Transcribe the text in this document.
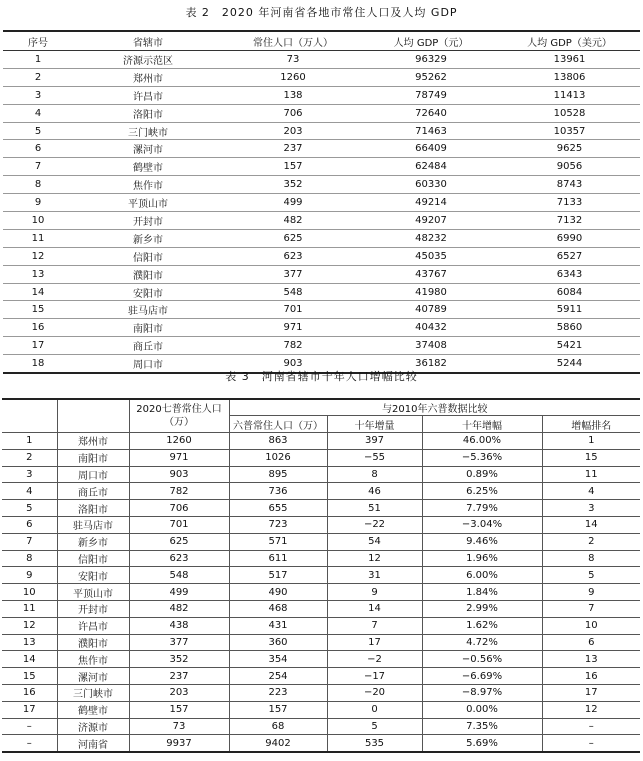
表 2　2020 年河南省各地市常住人口及人均 GDP
序号	省辖市	常住人口（万人）	人均 GDP（元）	人均 GDP（美元）
1	济源示范区	73	96329	13961
2	郑州市	1260	95262	13806
3	许昌市	138	78749	11413
4	洛阳市	706	72640	10528
5	三门峡市	203	71463	10357
6	漯河市	237	66409	9625
7	鹤壁市	157	62484	9056
8	焦作市	352	60330	8743
9	平顶山市	499	49214	7133
10	开封市	482	49207	7132
11	新乡市	625	48232	6990
12	信阳市	623	45035	6527
13	濮阳市	377	43767	6343
14	安阳市	548	41980	6084
15	驻马店市	701	40789	5911
16	南阳市	971	40432	5860
17	商丘市	782	37408	5421
18	周口市	903	36182	5244
表 3　河南省辖市十年人口增幅比较
		2020七普常住人口（万）	与2010年六普数据比较			
			六普常住人口（万）	十年增量	十年增幅	增幅排名
1	郑州市	1260	863	397	46.00%	1
2	南阳市	971	1026	−55	−5.36%	15
3	周口市	903	895	8	0.89%	11
4	商丘市	782	736	46	6.25%	4
5	洛阳市	706	655	51	7.79%	3
6	驻马店市	701	723	−22	−3.04%	14
7	新乡市	625	571	54	9.46%	2
8	信阳市	623	611	12	1.96%	8
9	安阳市	548	517	31	6.00%	5
10	平顶山市	499	490	9	1.84%	9
11	开封市	482	468	14	2.99%	7
12	许昌市	438	431	7	1.62%	10
13	濮阳市	377	360	17	4.72%	6
14	焦作市	352	354	−2	−0.56%	13
15	漯河市	237	254	−17	−6.69%	16
16	三门峡市	203	223	−20	−8.97%	17
17	鹤壁市	157	157	0	0.00%	12
–	济源市	73	68	5	7.35%	–
–	河南省	9937	9402	535	5.69%	–
